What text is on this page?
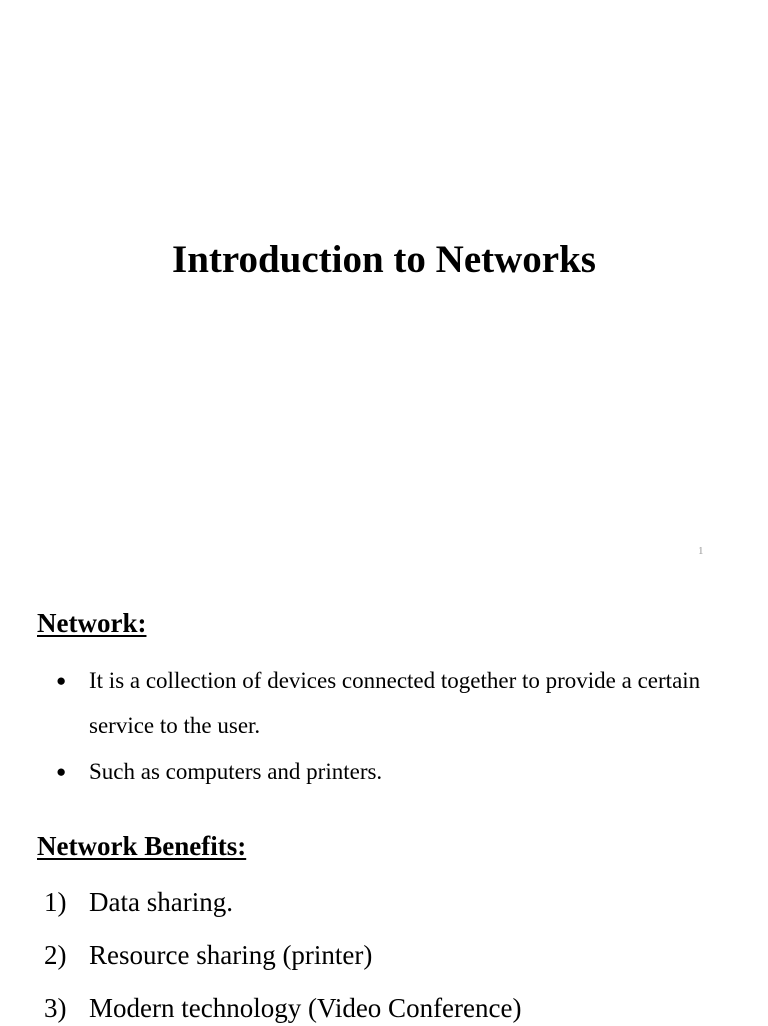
Introduction to Networks
1
Network:
● It is a collection of devices connected together to provide a certain service to the user.
● Such as computers and printers.
Network Benefits:
1) Data sharing.
2) Resource sharing (printer)
3) Modern technology (Video Conference)
